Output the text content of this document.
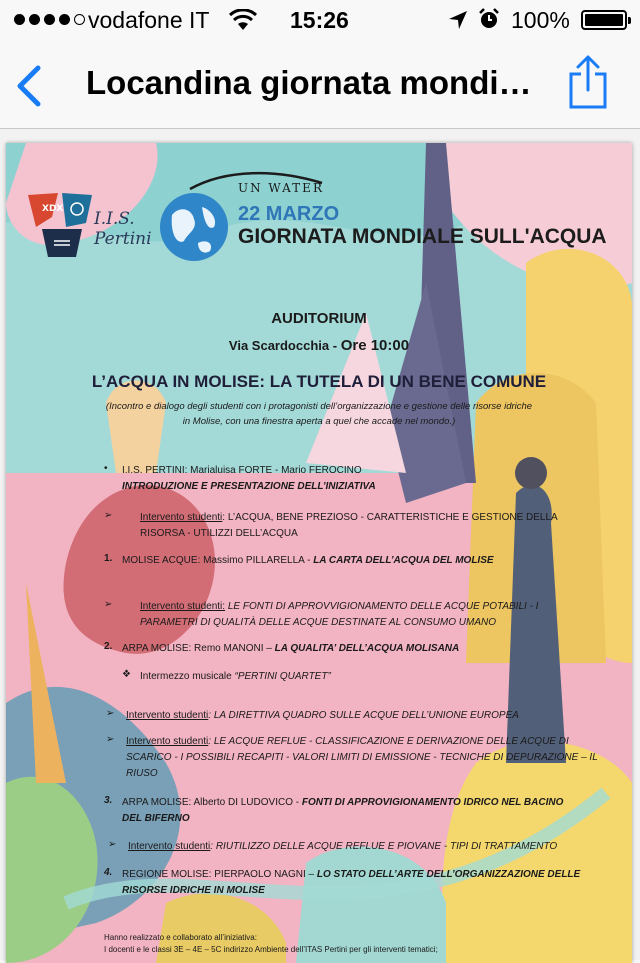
vodafone IT	15:26	100%
Locandina giornata mondi…
XDX I.I.S. Pertini
UN WATER
22 MARZO
GIORNATA MONDIALE SULL'ACQUA
AUDITORIUM
Via Scardocchia - Ore 10:00
L’ACQUA IN MOLISE: LA TUTELA DI UN BENE COMUNE
(Incontro e dialogo degli studenti con i protagonisti dell’organizzazione e gestione delle risorse idriche
in Molise, con una finestra aperta a quel che accade nel mondo.)
• I.I.S. PERTINI: Marialuisa FORTE - Mario FEROCINO
INTRODUZIONE E PRESENTAZIONE DELL’INIZIATIVA
➢	Intervento studenti: L’ACQUA, BENE PREZIOSO - CARATTERISTICHE E GESTIONE DELLA
RISORSA - UTILIZZI DELL’ACQUA
1. MOLISE ACQUE: Massimo PILLARELLA - LA CARTA DELL’ACQUA DEL MOLISE
➢	Intervento studenti: LE FONTI DI APPROVVIGIONAMENTO DELLE ACQUE POTABILI - I
PARAMETRI DI QUALITÀ DELLE ACQUE DESTINATE AL CONSUMO UMANO
2. ARPA MOLISE: Remo MANONI – LA QUALITA’ DELL’ACQUA MOLISANA
❖ Intermezzo musicale “PERTINI QUARTET”
➢ Intervento studenti: LA DIRETTIVA QUADRO SULLE ACQUE DELL’UNIONE EUROPEA
➢ Intervento studenti: LE ACQUE REFLUE - CLASSIFICAZIONE E DERIVAZIONE DELLE ACQUE DI
SCARICO - I POSSIBILI RECAPITI - VALORI LIMITI DI EMISSIONE - TECNICHE DI DEPURAZIONE – IL
RIUSO
3. ARPA MOLISE: Alberto DI LUDOVICO - FONTI DI APPROVIGIONAMENTO IDRICO NEL BACINO
DEL BIFERNO
➢ Intervento studenti: RIUTILIZZO DELLE ACQUE REFLUE E PIOVANE - TIPI DI TRATTAMENTO
4. REGIONE MOLISE: PIERPAOLO NAGNI – LO STATO DELL’ARTE DELL’ORGANIZZAZIONE DELLE
RISORSE IDRICHE IN MOLISE
Hanno realizzato e collaborato all’iniziativa:
I docenti e le classi 3E – 4E – 5C indirizzo Ambiente dell’ITAS Pertini per gli interventi tematici;
